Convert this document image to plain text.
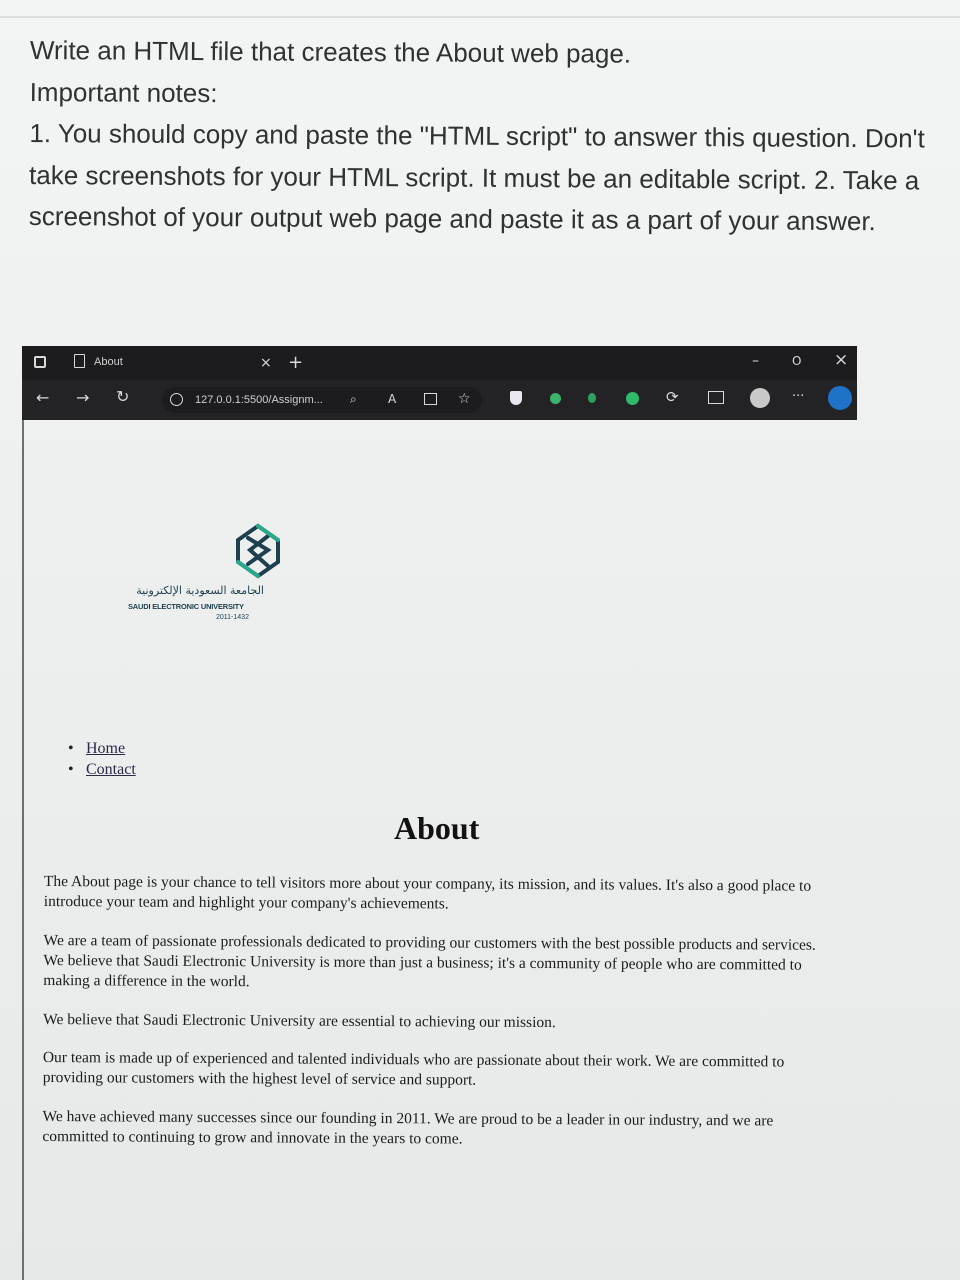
Write an HTML file that creates the About web page.

Important notes:

1. You should copy and paste the "HTML script" to answer this question. Don't

take screenshots for your HTML script. It must be an editable script. 2. Take a

screenshot of your output web page and paste it as a part of your answer.

About	× +	–	O ×
← → ↻	127.0.0.1:5500/Assignm... ⌕	A	☆	⟳	···
الجامعة السعودية الإلكترونية
SAUDI ELECTRONIC UNIVERSITY
2011-1432
• Home
• Contact
About

The About page is your chance to tell visitors more about your company, its mission, and its values. It's also a good place to introduce your team and highlight your company's achievements.

We are a team of passionate professionals dedicated to providing our customers with the best possible products and services. We believe that Saudi Electronic University is more than just a business; it's a community of people who are committed to making a difference in the world.

We believe that Saudi Electronic University are essential to achieving our mission.

Our team is made up of experienced and talented individuals who are passionate about their work. We are committed to providing our customers with the highest level of service and support.

We have achieved many successes since our founding in 2011. We are proud to be a leader in our industry, and we are committed to continuing to grow and innovate in the years to come.
